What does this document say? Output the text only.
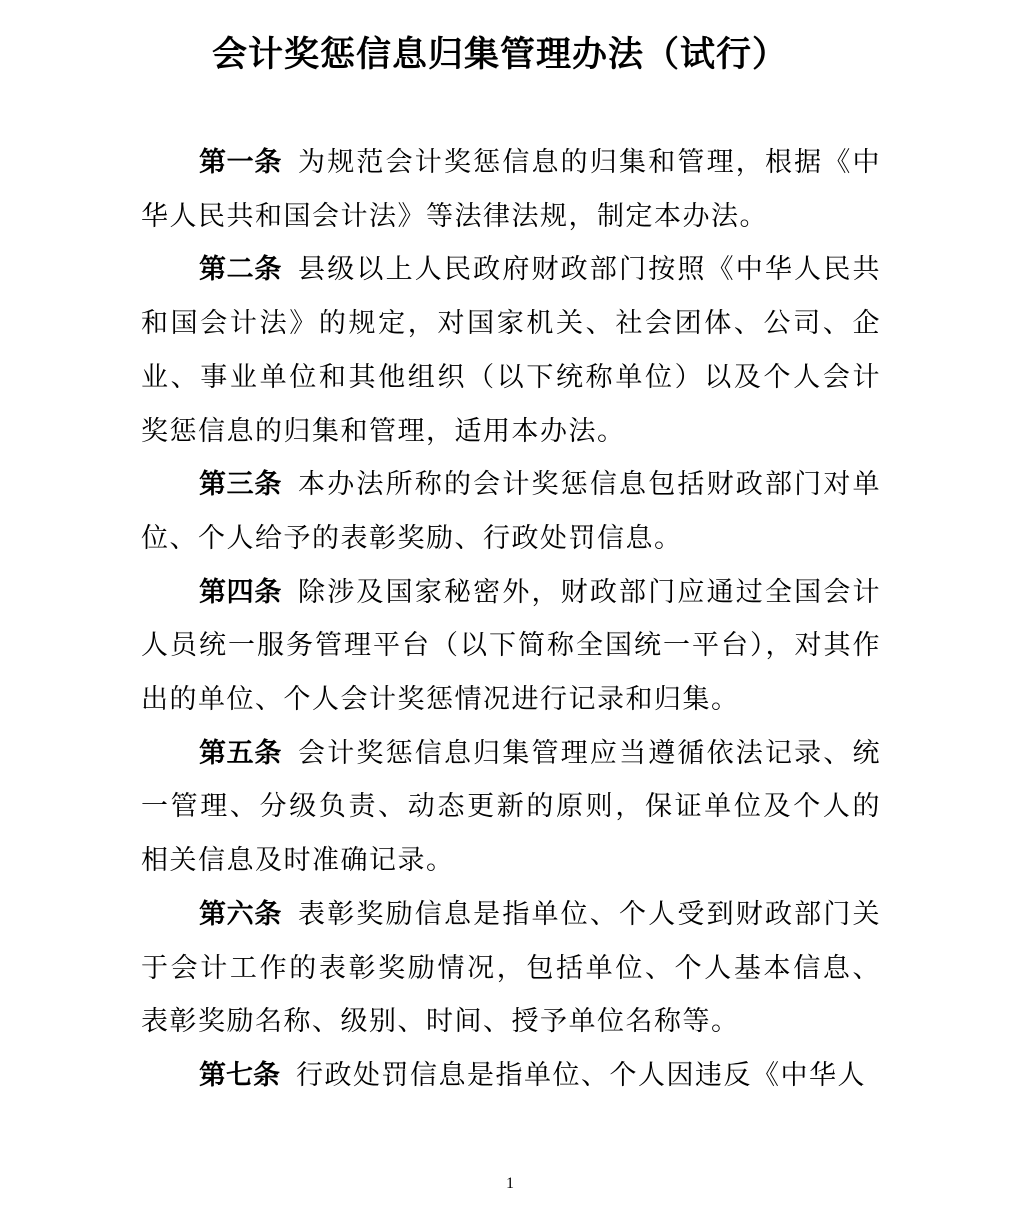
会计奖惩信息归集管理办法（试行）

第一条 为规范会计奖惩信息的归集和管理，根据《中华人民共和国会计法》等法律法规，制定本办法。

第二条 县级以上人民政府财政部门按照《中华人民共和国会计法》的规定，对国家机关、社会团体、公司、企业、事业单位和其他组织（以下统称单位）以及个人会计奖惩信息的归集和管理，适用本办法。

第三条 本办法所称的会计奖惩信息包括财政部门对单位、个人给予的表彰奖励、行政处罚信息。

第四条 除涉及国家秘密外，财政部门应通过全国会计人员统一服务管理平台（以下简称全国统一平台），对其作出的单位、个人会计奖惩情况进行记录和归集。

第五条 会计奖惩信息归集管理应当遵循依法记录、统一管理、分级负责、动态更新的原则，保证单位及个人的相关信息及时准确记录。

第六条 表彰奖励信息是指单位、个人受到财政部门关于会计工作的表彰奖励情况，包括单位、个人基本信息、表彰奖励名称、级别、时间、授予单位名称等。

第七条 行政处罚信息是指单位、个人因违反《中华人

1
